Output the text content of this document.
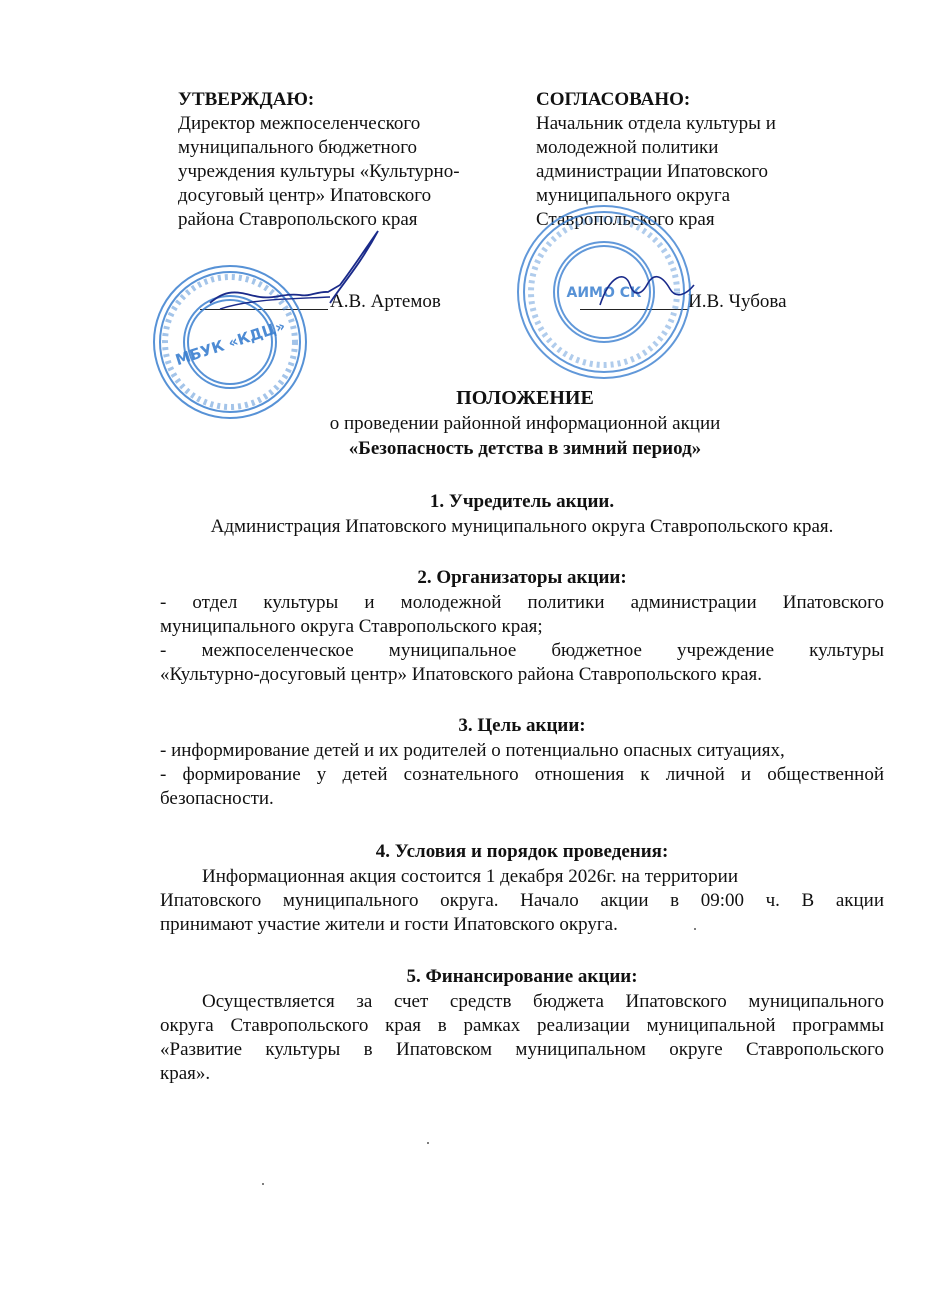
УТВЕРЖДАЮ:
Директор межпоселенческого
муниципального бюджетного
учреждения культуры «Культурно-
досуговый центр» Ипатовского
района Ставропольского края
А.В. Артемов
СОГЛАСОВАНО:
Начальник отдела культуры и
молодежной политики
администрации Ипатовского
муниципального округа
Ставропольского края
И.В. Чубова
МБУК «КДЦ»
АИМО СК
ПОЛОЖЕНИЕ
о проведении районной информационной акции
«Безопасность детства в зимний период»
1. Учредитель акции.
Администрация Ипатовского муниципального округа Ставропольского края.
2. Организаторы акции:
- отдел культуры и молодежной политики администрации Ипатовского
муниципального округа Ставропольского края;
- межпоселенческое муниципальное бюджетное учреждение культуры
«Культурно-досуговый центр» Ипатовского района Ставропольского края.
3. Цель акции:
- информирование детей и их родителей о потенциально опасных ситуациях,
- формирование у детей сознательного отношения к личной и общественной
безопасности.
4. Условия и порядок проведения:
Информационная акция состоится 1 декабря 2026г. на территории
Ипатовского муниципального округа. Начало акции в 09:00 ч. В акции
принимают участие жители и гости Ипатовского округа.
5. Финансирование акции:
Осуществляется за счет средств бюджета Ипатовского муниципального
округа Ставропольского края в рамках реализации муниципальной программы
«Развитие культуры в Ипатовском муниципальном округе Ставропольского
края».
